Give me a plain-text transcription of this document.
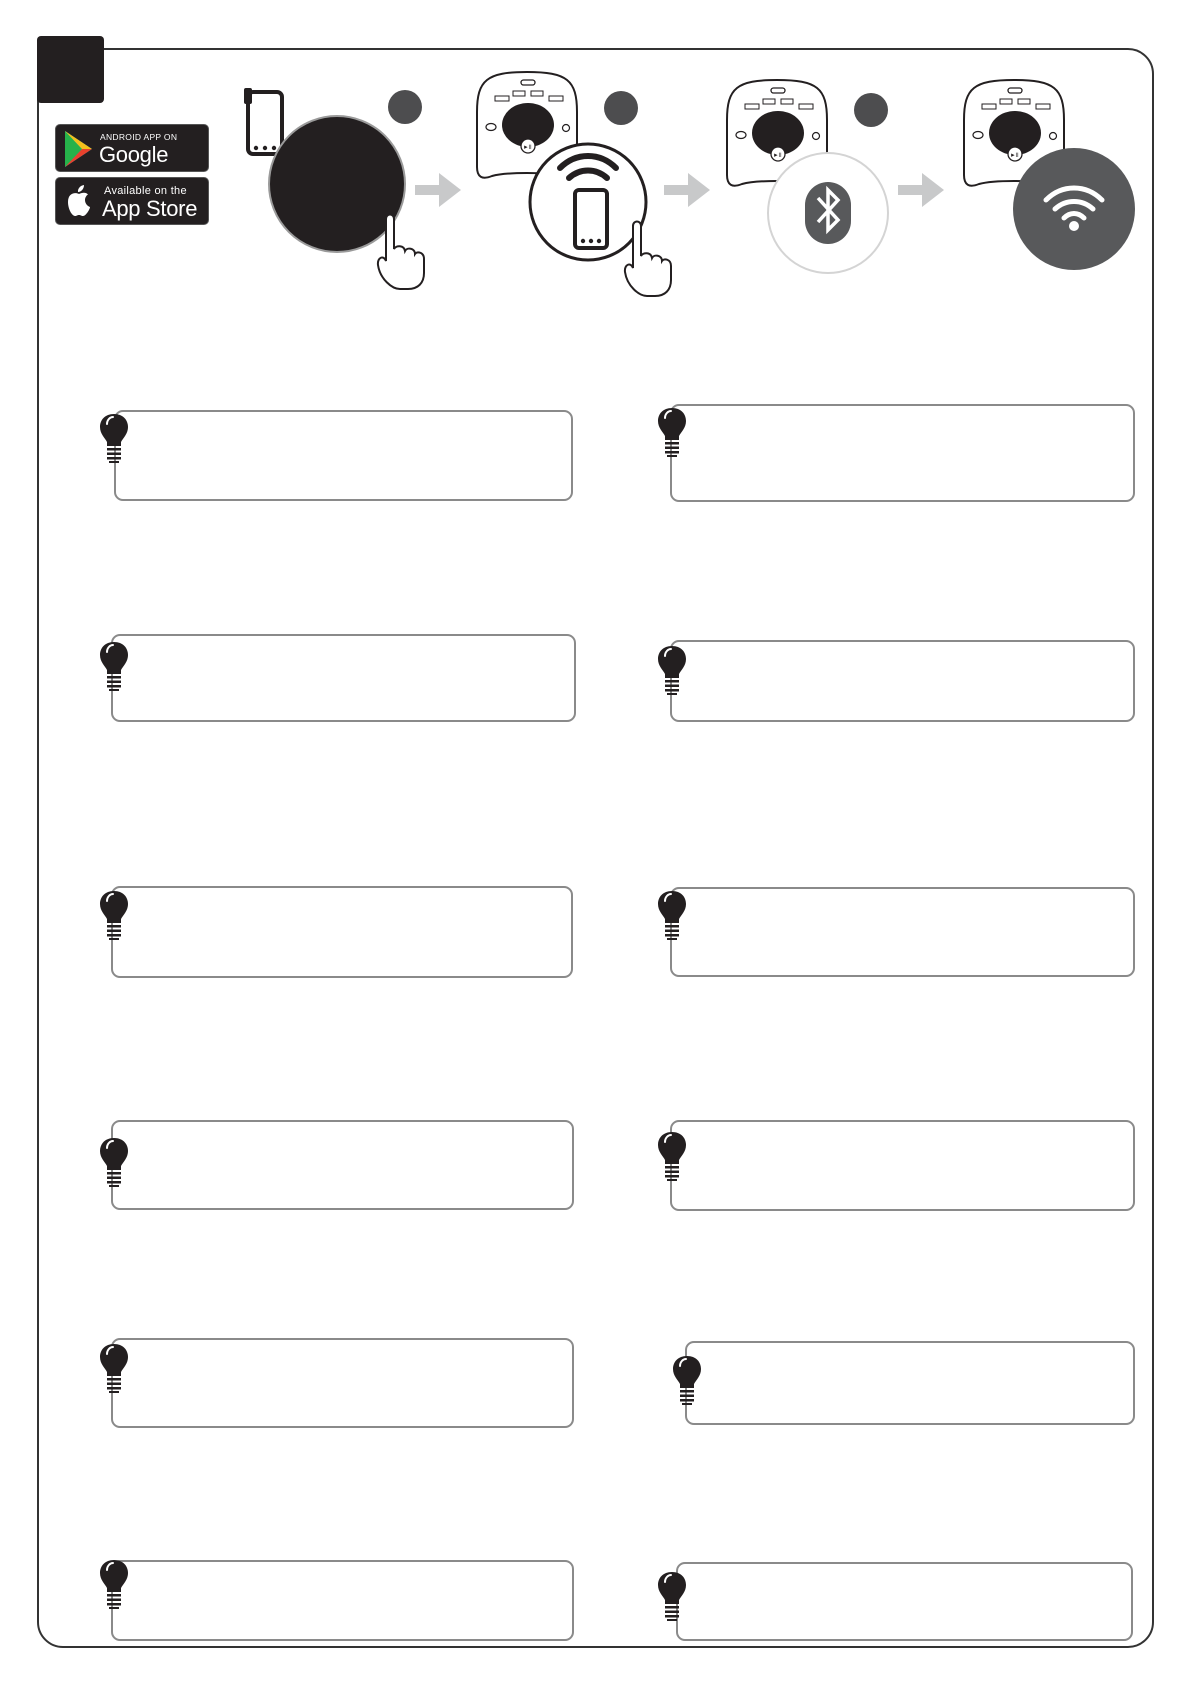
ANDROID APP ON
Google
Available on the
App Store
▸॥
